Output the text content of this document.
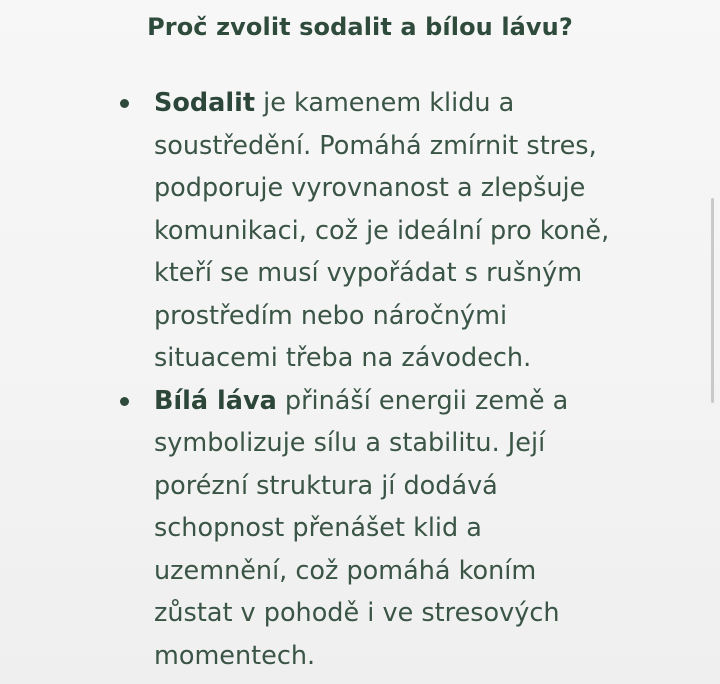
Proč zvolit sodalit a bílou lávu?
Sodalit je kamenem klidu a
soustředění. Pomáhá zmírnit stres,
podporuje vyrovnanost a zlepšuje
komunikaci, což je ideální pro koně,
kteří se musí vypořádat s rušným
prostředím nebo náročnými
situacemi třeba na závodech.
Bílá láva přináší energii země a
symbolizuje sílu a stabilitu. Její
porézní struktura jí dodává
schopnost přenášet klid a
uzemnění, což pomáhá koním
zůstat v pohodě i ve stresových
momentech.
